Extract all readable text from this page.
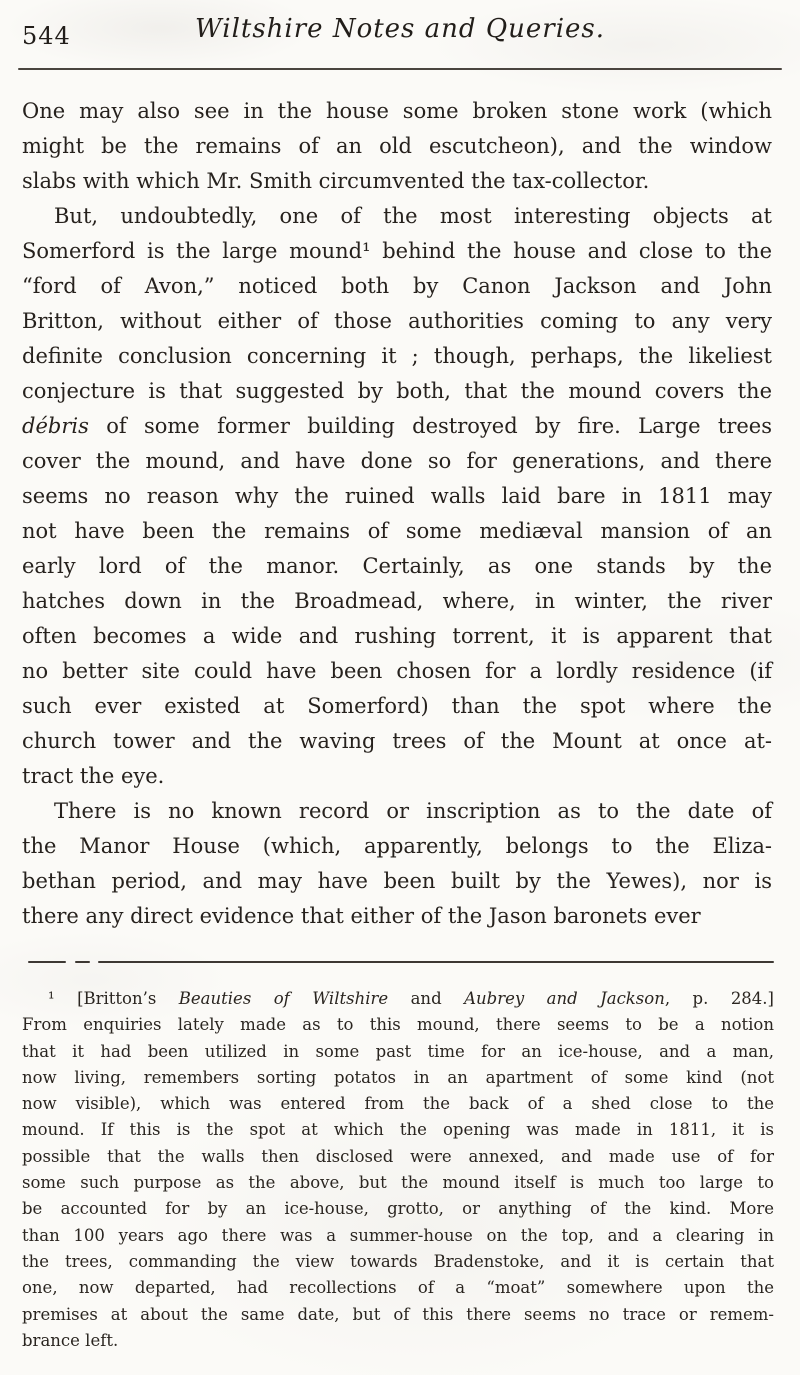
544	Wiltshire Notes and Queries.
One may also see in the house some broken stone work (which
might be the remains of an old escutcheon), and the window
slabs with which Mr. Smith circumvented the tax-collector.
But, undoubtedly, one of the most interesting objects at
Somerford is the large mound¹ behind the house and close to the
“ford of Avon,” noticed both by Canon Jackson and John
Britton, without either of those authorities coming to any very
definite conclusion concerning it ; though, perhaps, the likeliest
conjecture is that suggested by both, that the mound covers the
débris of some former building destroyed by fire. Large trees
cover the mound, and have done so for generations, and there
seems no reason why the ruined walls laid bare in 1811 may
not have been the remains of some mediæval mansion of an
early lord of the manor. Certainly, as one stands by the
hatches down in the Broadmead, where, in winter, the river
often becomes a wide and rushing torrent, it is apparent that
no better site could have been chosen for a lordly residence (if
such ever existed at Somerford) than the spot where the
church tower and the waving trees of the Mount at once at-
tract the eye.
There is no known record or inscription as to the date of
the Manor House (which, apparently, belongs to the Eliza-
bethan period, and may have been built by the Yewes), nor is
there any direct evidence that either of the Jason baronets ever
¹ [Britton’s Beauties of Wiltshire and Aubrey and Jackson, p. 284.]
From enquiries lately made as to this mound, there seems to be a notion
that it had been utilized in some past time for an ice-house, and a man,
now living, remembers sorting potatos in an apartment of some kind (not
now visible), which was entered from the back of a shed close to the
mound. If this is the spot at which the opening was made in 1811, it is
possible that the walls then disclosed were annexed, and made use of for
some such purpose as the above, but the mound itself is much too large to
be accounted for by an ice-house, grotto, or anything of the kind. More
than 100 years ago there was a summer-house on the top, and a clearing in
the trees, commanding the view towards Bradenstoke, and it is certain that
one, now departed, had recollections of a “moat” somewhere upon the
premises at about the same date, but of this there seems no trace or remem-
brance left.
